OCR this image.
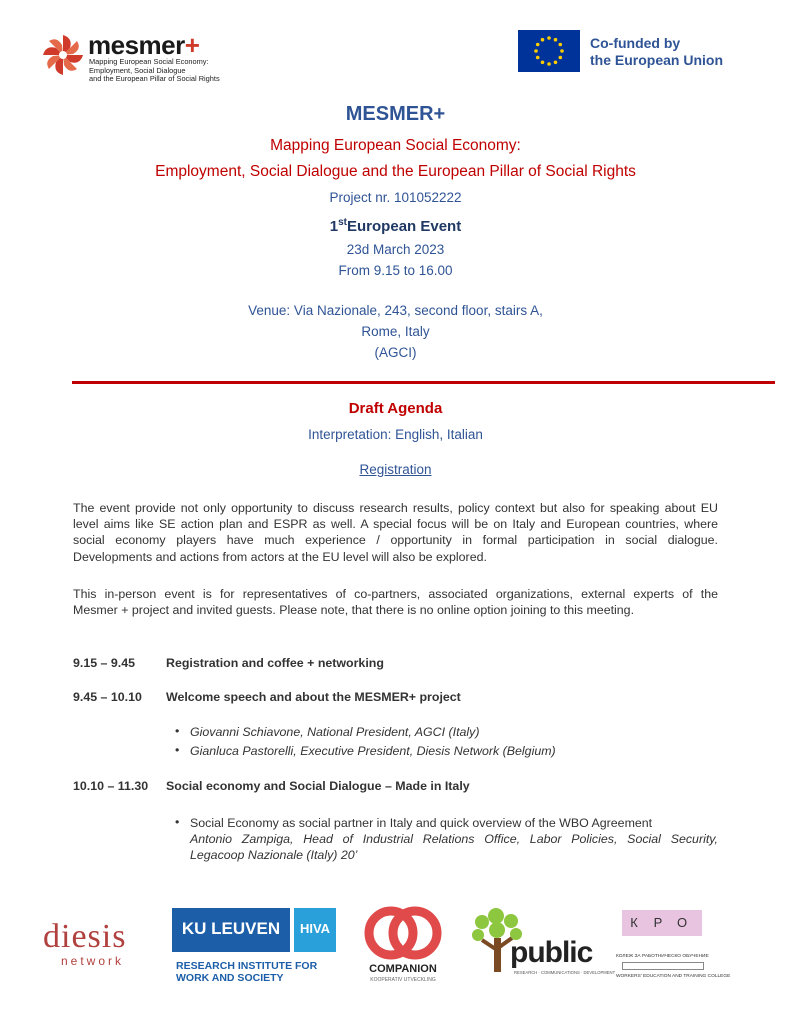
mesmer+
Mapping European Social Economy:
Employment, Social Dialogue
and the European Pillar of Social Rights
Co-funded by
the European Union
MESMER+
Mapping European Social Economy:
Employment, Social Dialogue and the European Pillar of Social Rights
Project nr. 101052222
1stEuropean Event
23d March 2023
From 9.15 to 16.00
Venue: Via Nazionale, 243, second floor, stairs A,
Rome, Italy
(AGCI)
Draft Agenda
Interpretation: English, Italian
Registration
The event provide not only opportunity to discuss research results, policy context but also for speaking about EU
level aims like SE action plan and ESPR as well. A special focus will be on Italy and European countries, where
social economy players have much experience / opportunity in formal participation in social dialogue.
Developments and actions from actors at the EU level will also be explored.
This in-person event is for representatives of co-partners, associated organizations, external experts of the
Mesmer + project and invited guests. Please note, that there is no online option joining to this meeting.
9.15 – 9.45 Registration and coffee + networking
9.45 – 10.10 Welcome speech and about the MESMER+ project
• Giovanni Schiavone, National President, AGCI (Italy)
• Gianluca Pastorelli, Executive President, Diesis Network (Belgium)
10.10 – 11.30 Social economy and Social Dialogue – Made in Italy
• Social Economy as social partner in Italy and quick overview of the WBO Agreement
Antonio Zampiga, Head of Industrial Relations Office, Labor Policies, Social Security,
Legacoop Nazionale (Italy) 20’
diesis
network
KU LEUVEN	HIVA
RESEARCH INSTITUTE FOR
WORK AND SOCIETY
COMPANION
KOOPERATIV UTVECKLING
public
RESEARCH · COMMUNICATIONS · DEVELOPMENT
К	Р	О
КОЛЕЖ ЗА РАБОТНИЧЕСКО ОБУЧЕНИЕ
WORKERS' EDUCATION AND TRAINING COLLEGE
